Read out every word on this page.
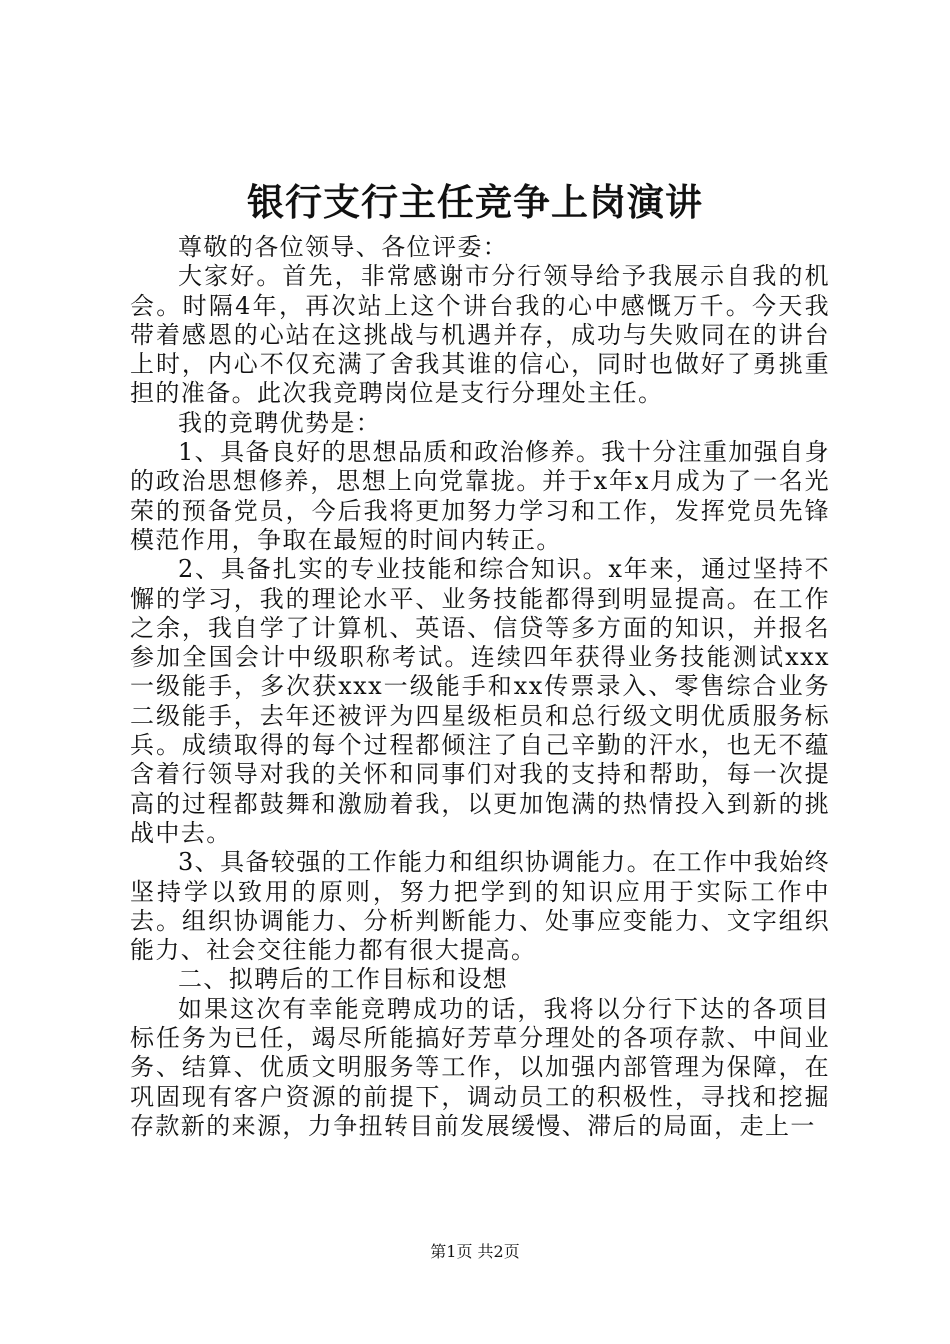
银行支行主任竞争上岗演讲

尊敬的各位领导、各位评委：

大家好。首先，非常感谢市分行领导给予我展示自我的机会。时隔4年，再次站上这个讲台我的心中感慨万千。今天我带着感恩的心站在这挑战与机遇并存，成功与失败同在的讲台上时，内心不仅充满了舍我其谁的信心，同时也做好了勇挑重担的准备。此次我竞聘岗位是支行分理处主任。

我的竞聘优势是：

1、具备良好的思想品质和政治修养。我十分注重加强自身的政治思想修养，思想上向党靠拢。并于x年x月成为了一名光荣的预备党员，今后我将更加努力学习和工作，发挥党员先锋模范作用，争取在最短的时间内转正。

2、具备扎实的专业技能和综合知识。x年来，通过坚持不懈的学习，我的理论水平、业务技能都得到明显提高。在工作之余，我自学了计算机、英语、信贷等多方面的知识，并报名参加全国会计中级职称考试。连续四年获得业务技能测试xxx一级能手，多次获xxx一级能手和xx传票录入、零售综合业务二级能手，去年还被评为四星级柜员和总行级文明优质服务标兵。成绩取得的每个过程都倾注了自己辛勤的汗水，也无不蕴含着行领导对我的关怀和同事们对我的支持和帮助，每一次提高的过程都鼓舞和激励着我，以更加饱满的热情投入到新的挑战中去。

3、具备较强的工作能力和组织协调能力。在工作中我始终坚持学以致用的原则，努力把学到的知识应用于实际工作中去。组织协调能力、分析判断能力、处事应变能力、文字组织能力、社会交往能力都有很大提高。

二、拟聘后的工作目标和设想

如果这次有幸能竞聘成功的话，我将以分行下达的各项目标任务为已任，竭尽所能搞好芳草分理处的各项存款、中间业务、结算、优质文明服务等工作，以加强内部管理为保障，在巩固现有客户资源的前提下，调动员工的积极性，寻找和挖掘存款新的来源，力争扭转目前发展缓慢、滞后的局面，走上一

第1页 共2页
